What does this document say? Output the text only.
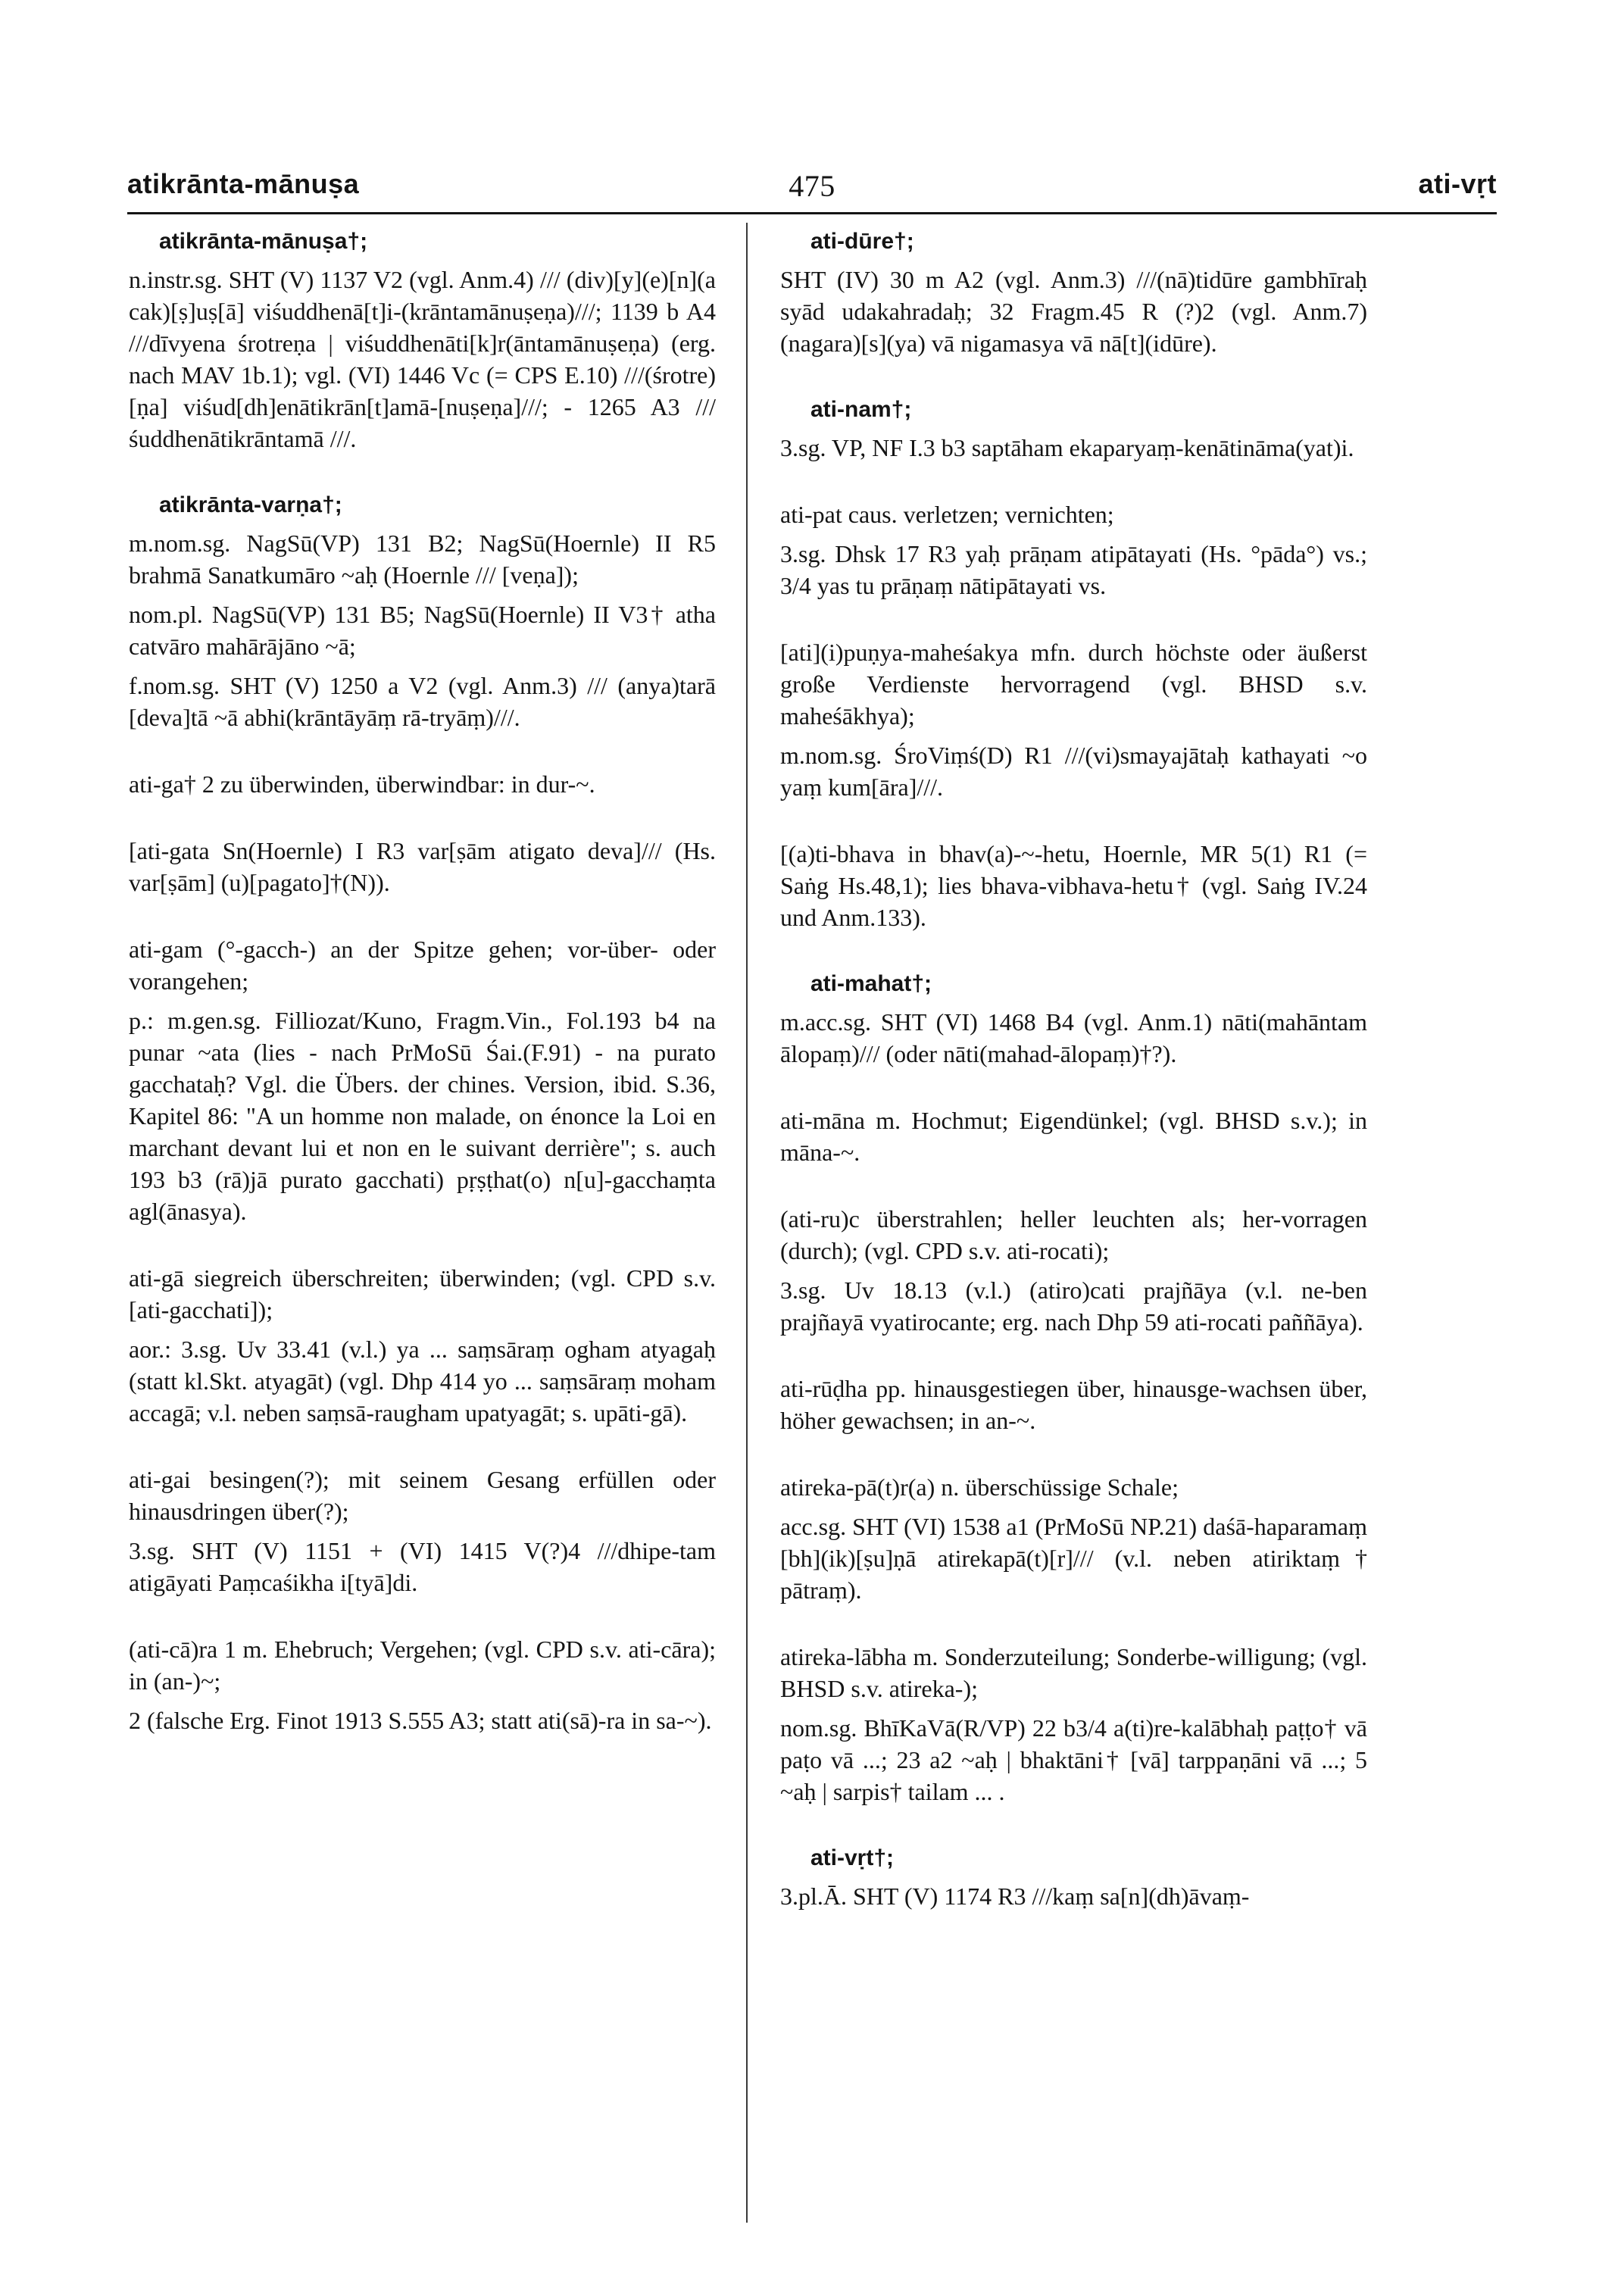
atikrānta-mānuṣa	475	ati-vṛt
atikrānta-mānuṣa†;
n.instr.sg. SHT (V) 1137 V2 (vgl. Anm.4) /// (div)[y](e)[n](a cak)[ṣ]uṣ[ā] viśuddhenā[t]i-(krāntamānuṣeṇa)///; 1139 b A4 ///dīvyena śrotreṇa | viśuddhenāti[k]r(āntamānuṣeṇa) (erg. nach MAV 1b.1); vgl. (VI) 1446 Vc (= CPS E.10) ///(śrotre)[ṇa] viśud[dh]enātikrān[t]amā-[nuṣeṇa]///; - 1265 A3 ///śuddhenātikrāntamā ///.
atikrānta-varṇa†;
m.nom.sg. NagSū(VP) 131 B2; NagSū(Hoernle) II R5 brahmā Sanatkumāro ~aḥ (Hoernle /// [veṇa]);
nom.pl. NagSū(VP) 131 B5; NagSū(Hoernle) II V3† atha catvāro mahārājāno ~ā;
f.nom.sg. SHT (V) 1250 a V2 (vgl. Anm.3) /// (anya)tarā [deva]tā ~ā abhi(krāntāyāṃ rā-tryāṃ)///.
ati-ga† 2 zu überwinden, überwindbar: in dur-~.
[ati-gata Sn(Hoernle) I R3 var[ṣām atigato deva]/// (Hs. var[ṣām] (u)[pagato]†(N)).
ati-gam (°-gacch-) an der Spitze gehen; vor-über- oder vorangehen;
p.: m.gen.sg. Filliozat/Kuno, Fragm.Vin., Fol.193 b4 na punar ~ata (lies - nach PrMoSū Śai.(F.91) - na purato gacchataḥ? Vgl. die Übers. der chines. Version, ibid. S.36, Kapitel 86: "A un homme non malade, on énonce la Loi en marchant devant lui et non en le suivant derrière"; s. auch 193 b3 (rā)jā purato gacchati) pṛṣṭhat(o) n[u]-gacchaṃta agl(ānasya).
ati-gā siegreich überschreiten; überwinden; (vgl. CPD s.v. [ati-gacchati]);
aor.: 3.sg. Uv 33.41 (v.l.) ya ... saṃsāraṃ ogham atyagaḥ (statt kl.Skt. atyagāt) (vgl. Dhp 414 yo ... saṃsāraṃ moham accagā; v.l. neben saṃsā-raugham upatyagāt; s. upāti-gā).
ati-gai besingen(?); mit seinem Gesang erfüllen oder hinausdringen über(?);
3.sg. SHT (V) 1151 + (VI) 1415 V(?)4 ///dhipe-tam atigāyati Paṃcaśikha i[tyā]di.
(ati-cā)ra 1 m. Ehebruch; Vergehen; (vgl. CPD s.v. ati-cāra); in (an-)~;
2 (falsche Erg. Finot 1913 S.555 A3; statt ati(sā)-ra in sa-~).
ati-dūre†;
SHT (IV) 30 m A2 (vgl. Anm.3) ///(nā)tidūre gambhīraḥ syād udakahradaḥ; 32 Fragm.45 R (?)2 (vgl. Anm.7) (nagara)[s](ya) vā nigamasya vā nā[t](idūre).
ati-nam†;
3.sg. VP, NF I.3 b3 saptāham ekaparyaṃ-kenātināma(yat)i.
ati-pat caus. verletzen; vernichten;
3.sg. Dhsk 17 R3 yaḥ prāṇam atipātayati (Hs. °pāda°) vs.; 3/4 yas tu prāṇaṃ nātipātayati vs.
[ati](i)puṇya-maheśakya mfn. durch höchste oder äußerst große Verdienste hervorragend (vgl. BHSD s.v. maheśākhya);
m.nom.sg. ŚroViṃś(D) R1 ///(vi)smayajātaḥ kathayati ~o yaṃ kum[āra]///.
[(a)ti-bhava in bhav(a)-~-hetu, Hoernle, MR 5(1) R1 (= Saṅg Hs.48,1); lies bhava-vibhava-hetu† (vgl. Saṅg IV.24 und Anm.133).
ati-mahat†;
m.acc.sg. SHT (VI) 1468 B4 (vgl. Anm.1) nāti(mahāntam ālopaṃ)/// (oder nāti(mahad-ālopaṃ)†?).
ati-māna m. Hochmut; Eigendünkel; (vgl. BHSD s.v.); in māna-~.
(ati-ru)c überstrahlen; heller leuchten als; her-vorragen (durch); (vgl. CPD s.v. ati-rocati);
3.sg. Uv 18.13 (v.l.) (atiro)cati prajñāya (v.l. ne-ben prajñayā vyatirocante; erg. nach Dhp 59 ati-rocati paññāya).
ati-rūḍha pp. hinausgestiegen über, hinausge-wachsen über, höher gewachsen; in an-~.
atireka-pā(t)r(a) n. überschüssige Schale;
acc.sg. SHT (VI) 1538 a1 (PrMoSū NP.21) daśā-haparamaṃ [bh](ik)[ṣu]ṇā atirekapā(t)[r]/// (v.l. neben atiriktaṃ† pātraṃ).
atireka-lābha m. Sonderzuteilung; Sonderbe-willigung; (vgl. BHSD s.v. atireka-);
nom.sg. BhīKaVā(R/VP) 22 b3/4 a(ti)re-kalābhaḥ paṭṭo† vā paṭo vā ...; 23 a2 ~aḥ | bhaktāni† [vā] tarppaṇāni vā ...; 5 ~aḥ | sarpis† tailam ... .
ati-vṛt†;
3.pl.Ā. SHT (V) 1174 R3 ///kaṃ sa[n](dh)āvaṃ-
